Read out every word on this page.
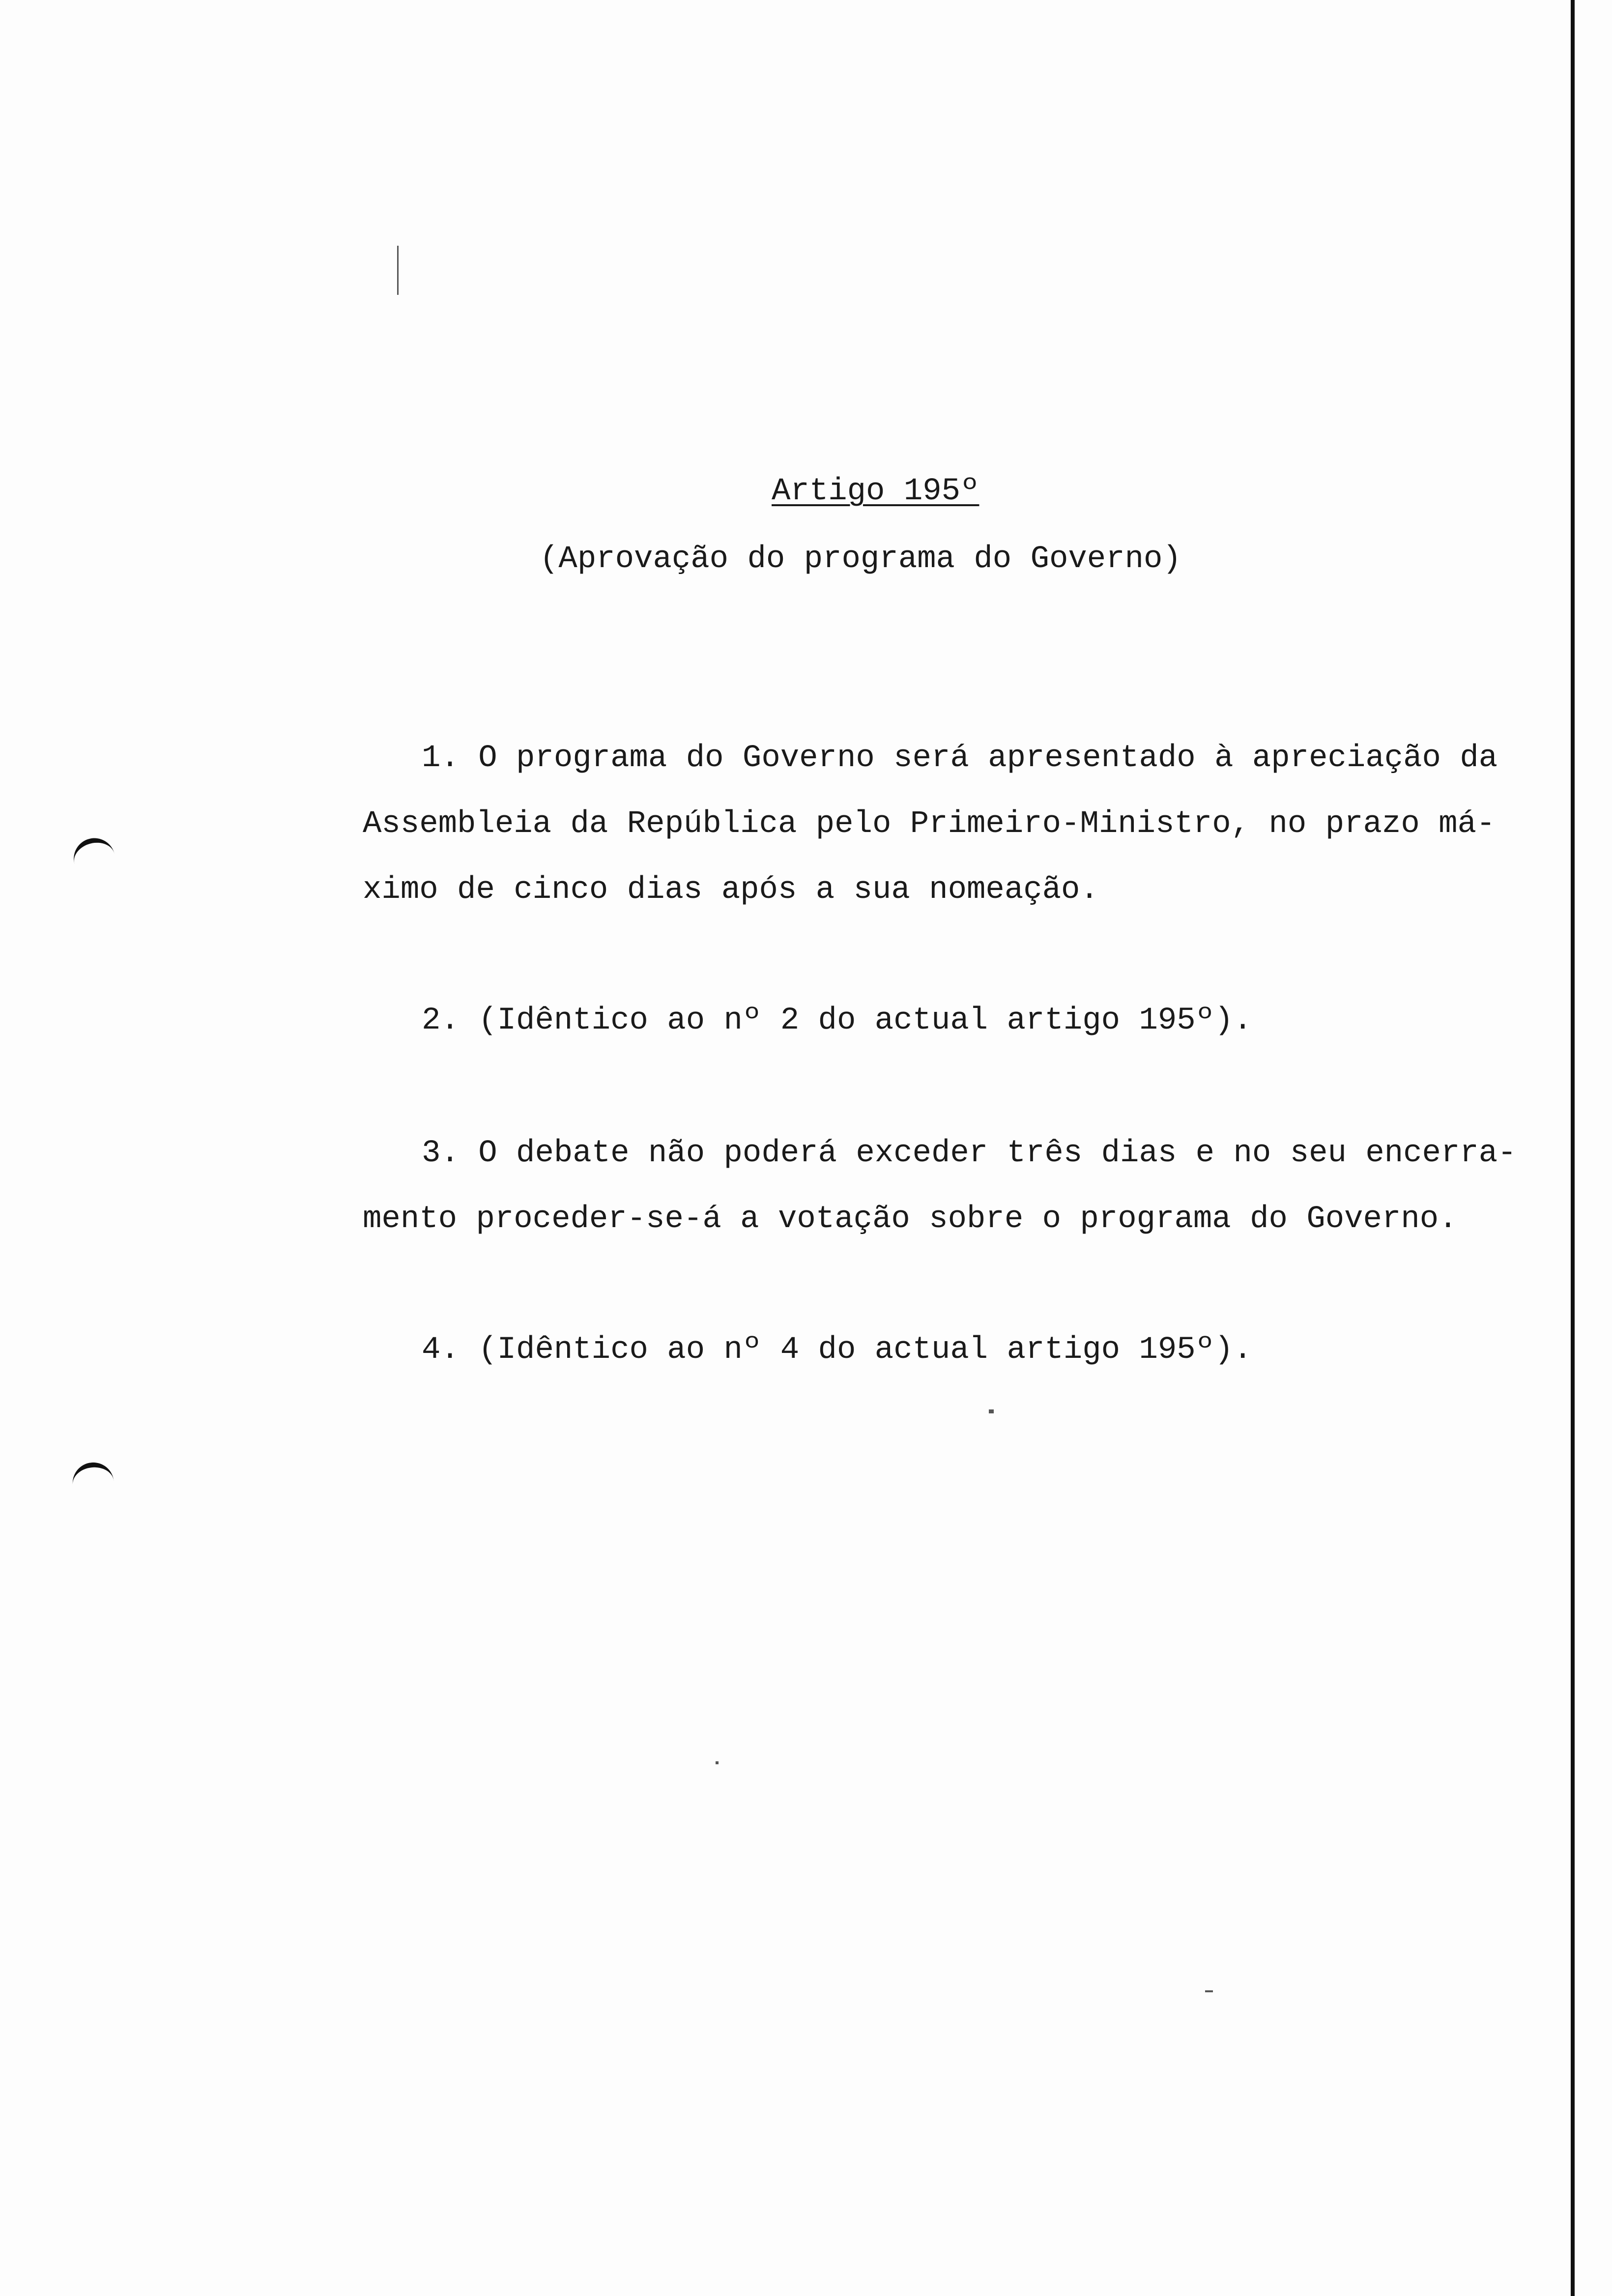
Artigo 195º
(Aprovação do programa do Governo)
1. O programa do Governo será apresentado à apreciação da
Assembleia da República pelo Primeiro-Ministro, no prazo má-
ximo de cinco dias após a sua nomeação.
2. (Idêntico ao nº 2 do actual artigo 195º).
3. O debate não poderá exceder três dias e no seu encerra-
mento proceder-se-á a votação sobre o programa do Governo.
4. (Idêntico ao nº 4 do actual artigo 195º).
